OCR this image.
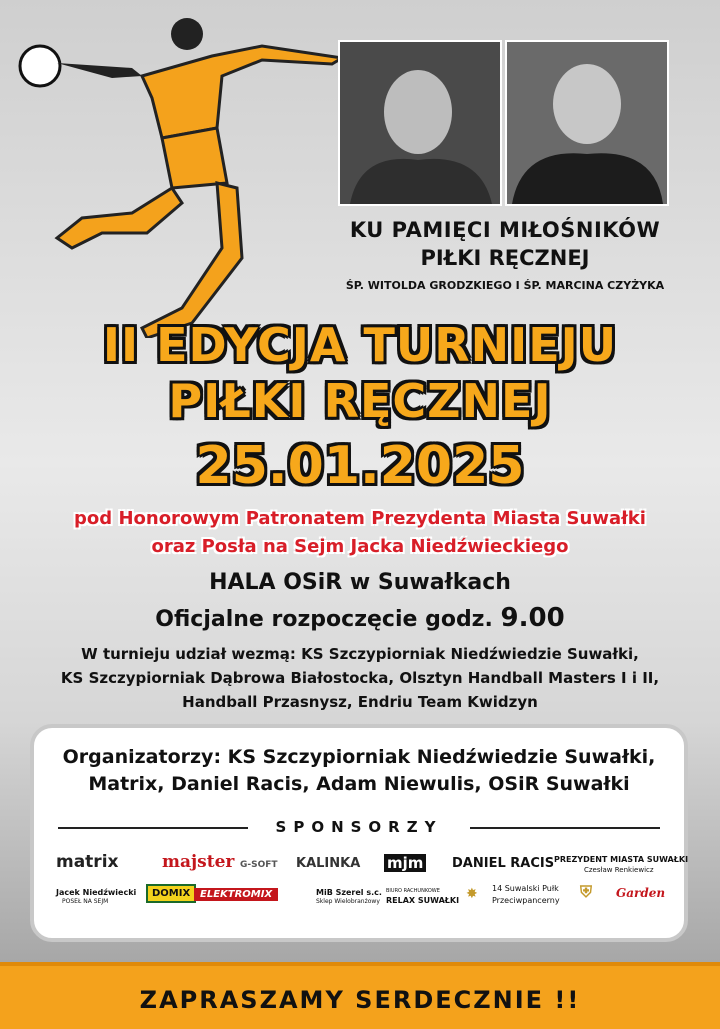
KU PAMIĘCI MIŁOŚNIKÓW
PIŁKI RĘCZNEJ
ŚP. WITOLDA GRODZKIEGO I ŚP. MARCINA CZYŻYKA
II EDYCJA TURNIEJU
PIŁKI RĘCZNEJ
25.01.2025
pod Honorowym Patronatem Prezydenta Miasta Suwałki
oraz Posła na Sejm Jacka Niedźwieckiego
HALA OSiR w Suwałkach
Oficjalne rozpoczęcie godz. 9.00
W turnieju udział wezmą: KS Szczypiorniak Niedźwiedzie Suwałki,
KS Szczypiorniak Dąbrowa Białostocka, Olsztyn Handball Masters I i II,
Handball Przasnysz, Endriu Team Kwidzyn
Organizatorzy: KS Szczypiorniak Niedźwiedzie Suwałki,
Matrix, Daniel Racis, Adam Niewulis, OSiR Suwałki
SPONSORZY
matrix	majster G-SOFT KALINKA mjm DANIEL RACIS PREZYDENT MIASTA SUWAŁKI
Czesław Renkiewicz
Jacek Niedźwiecki
POSEŁ NA SEJM
DOMIX ELEKTROMIX	MiB Szerel s.c.
Sklep Wielobranżowy
BIURO RACHUNKOWE
RELAX SUWAŁKI ✸ 14 Suwalski Pułk
Przeciwpancerny ⛨ Garden
ZAPRASZAMY SERDECZNIE !!
